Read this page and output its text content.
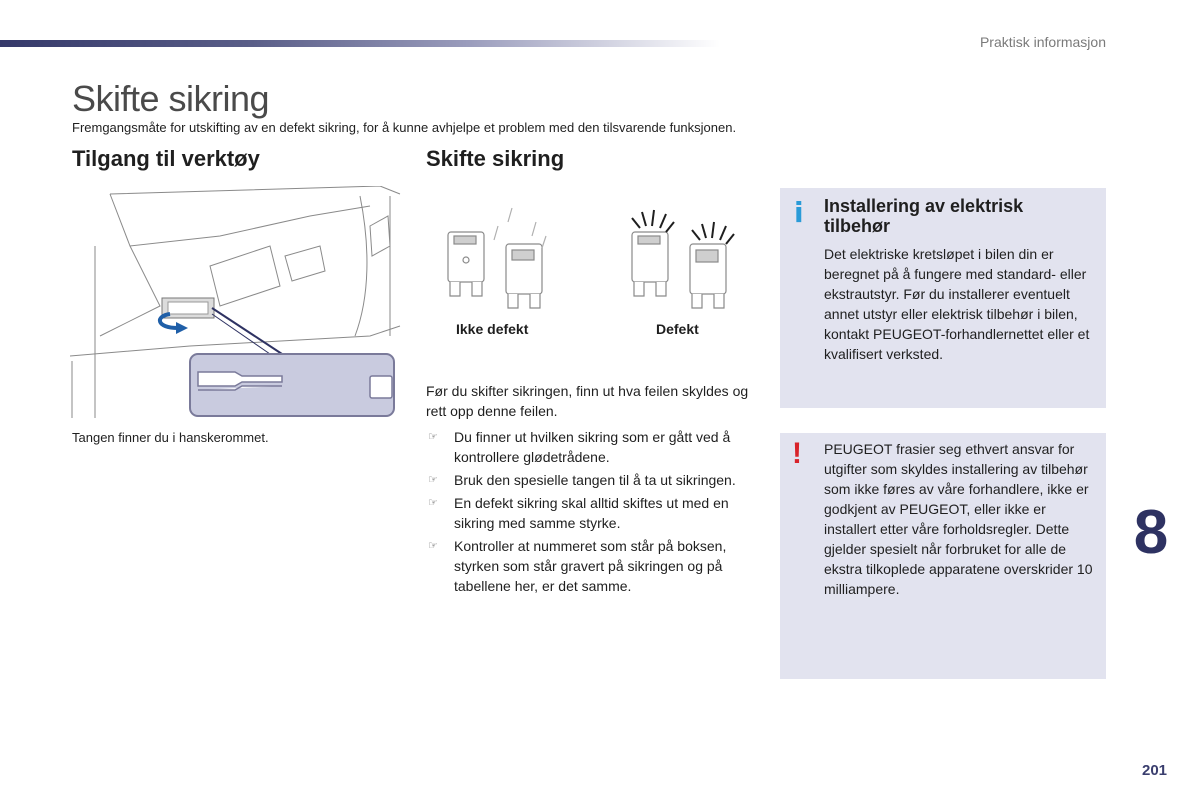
Praktisk informasjon
Skifte sikring
Fremgangsmåte for utskifting av en defekt sikring, for å kunne avhjelpe et problem med den tilsvarende funksjonen.
Tilgang til verktøy	Skifte sikring
Tangen finner du i hanskerommet.
Ikke defekt	Defekt
Før du skifter sikringen, finn ut hva feilen skyldes og rett opp denne feilen.
☞ Du finner ut hvilken sikring som er gått ved å kontrollere glødetrådene.
☞ Bruk den spesielle tangen til å ta ut sikringen.
☞ En defekt sikring skal alltid skiftes ut med en sikring med samme styrke.
☞ Kontroller at nummeret som står på boksen, styrken som står gravert på sikringen og på tabellene her, er det samme.
i Installering av elektrisk tilbehør
Det elektriske kretsløpet i bilen din er beregnet på å fungere med standard- eller ekstrautstyr. Før du installerer eventuelt annet utstyr eller elektrisk tilbehør i bilen, kontakt PEUGEOT-forhandlernettet eller et kvalifisert verksted.
! PEUGEOT frasier seg ethvert ansvar for utgifter som skyldes installering av tilbehør som ikke føres av våre forhandlere, ikke er godkjent av PEUGEOT, eller ikke er installert etter våre forholdsregler. Dette gjelder spesielt når forbruket for alle de ekstra tilkoplede apparatene overskrider 10 milliampere.
8
201
